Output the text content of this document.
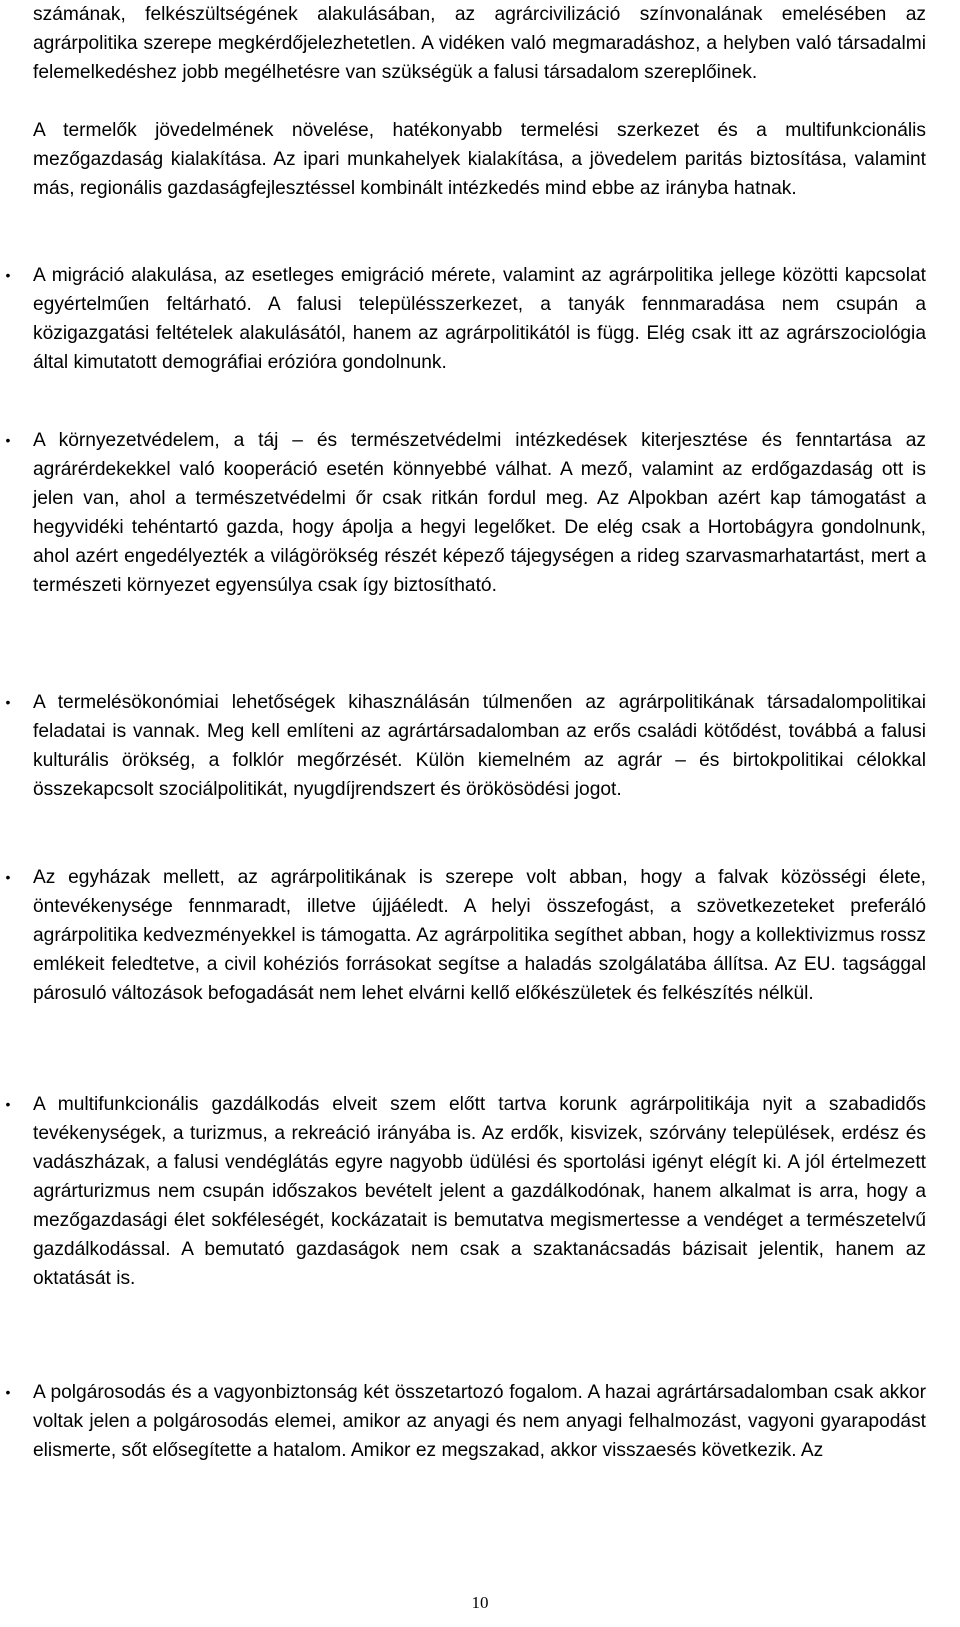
számának, felkészültségének alakulásában, az agrárcivilizáció színvonalának emelésében az agrárpolitika szerepe megkérdőjelezhetetlen. A vidéken való megmaradáshoz, a helyben való társadalmi felemelkedéshez jobb megélhetésre van szükségük a falusi társadalom szereplőinek.

A termelők jövedelmének növelése, hatékonyabb termelési szerkezet és a multifunkcionális mezőgazdaság kialakítása. Az ipari munkahelyek kialakítása, a jövedelem paritás biztosítása, valamint más, regionális gazdaságfejlesztéssel kombinált intézkedés mind ebbe az irányba hatnak.

• A migráció alakulása, az esetleges emigráció mérete, valamint az agrárpolitika jellege közötti kapcsolat egyértelműen feltárható. A falusi településszerkezet, a tanyák fennmaradása nem csupán a közigazgatási feltételek alakulásától, hanem az agrárpolitikától is függ. Elég csak itt az agrárszociológia által kimutatott demográfiai erózióra gondolnunk.
• A környezetvédelem, a táj – és természetvédelmi intézkedések kiterjesztése és fenntartása az agrárérdekekkel való kooperáció esetén könnyebbé válhat. A mező, valamint az erdőgazdaság ott is jelen van, ahol a természetvédelmi őr csak ritkán fordul meg. Az Alpokban azért kap támogatást a hegyvidéki tehéntartó gazda, hogy ápolja a hegyi legelőket. De elég csak a Hortobágyra gondolnunk, ahol azért engedélyezték a világörökség részét képező tájegységen a rideg szarvasmarhatartást, mert a természeti környezet egyensúlya csak így biztosítható.
• A termelésökonómiai lehetőségek kihasználásán túlmenően az agrárpolitikának társadalompolitikai feladatai is vannak. Meg kell említeni az agrártársadalomban az erős családi kötődést, továbbá a falusi kulturális örökség, a folklór megőrzését. Külön kiemelném az agrár – és birtokpolitikai célokkal összekapcsolt szociálpolitikát, nyugdíjrendszert és örökösödési jogot.
• Az egyházak mellett, az agrárpolitikának is szerepe volt abban, hogy a falvak közösségi élete, öntevékenysége fennmaradt, illetve újjáéledt. A helyi összefogást, a szövetkezeteket preferáló agrárpolitika kedvezményekkel is támogatta. Az agrárpolitika segíthet abban, hogy a kollektivizmus rossz emlékeit feledtetve, a civil kohéziós forrásokat segítse a haladás szolgálatába állítsa. Az EU. tagsággal párosuló változások befogadását nem lehet elvárni kellő előkészületek és felkészítés nélkül.
• A multifunkcionális gazdálkodás elveit szem előtt tartva korunk agrárpolitikája nyit a szabadidős tevékenységek, a turizmus, a rekreáció irányába is. Az erdők, kisvizek, szórvány települések, erdész és vadászházak, a falusi vendéglátás egyre nagyobb üdülési és sportolási igényt elégít ki. A jól értelmezett agrárturizmus nem csupán időszakos bevételt jelent a gazdálkodónak, hanem alkalmat is arra, hogy a mezőgazdasági élet sokféleségét, kockázatait is bemutatva megismertesse a vendéget a természetelvű gazdálkodással. A bemutató gazdaságok nem csak a szaktanácsadás bázisait jelentik, hanem az oktatását is.
• A polgárosodás és a vagyonbiztonság két összetartozó fogalom. A hazai agrártársadalomban csak akkor voltak jelen a polgárosodás elemei, amikor az anyagi és nem anyagi felhalmozást, vagyoni gyarapodást elismerte, sőt elősegítette a hatalom. Amikor ez megszakad, akkor visszaesés következik. Az
10
